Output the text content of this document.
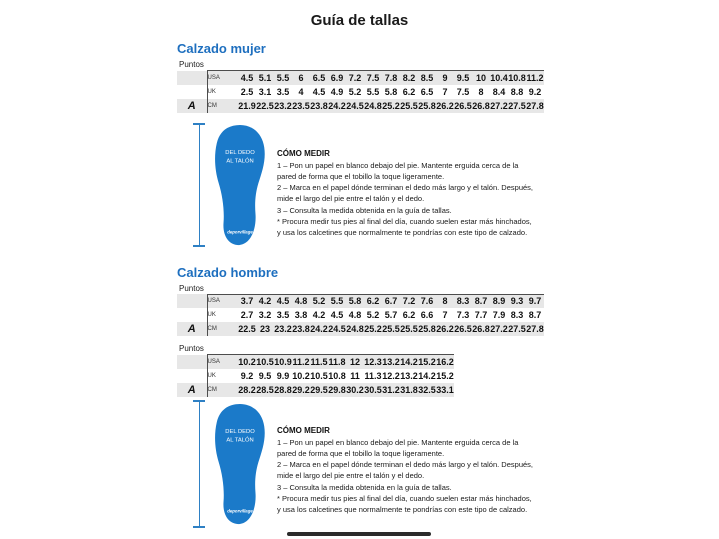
Guía de tallas
Calzado mujer
Puntos
	USA	4.5	5.1	5.5	6	6.5	6.9	7.2	7.5	7.8	8.2	8.5	9	9.5	10	10.4	10.8	11.2
	UK	2.5	3.1	3.5	4	4.5	4.9	5.2	5.5	5.8	6.2	6.5	7	7.5	8	8.4	8.8	9.2
A	CM	21.9	22.5	23.2	23.5	23.8	24.2	24.5	24.8	25.2	25.5	25.8	26.2	26.5	26.8	27.2	27.5	27.8
DEL DEDO
AL TALÓN
deporvillage
CÓMO MEDIR
1 – Pon un papel en blanco debajo del pie. Mantente erguida cerca de la pared de forma que el tobillo la toque ligeramente.
2 – Marca en el papel dónde terminan el dedo más largo y el talón. Después, mide el largo del pie entre el talón y el dedo.
3 – Consulta la medida obtenida en la guía de tallas.
* Procura medir tus pies al final del día, cuando suelen estar más hinchados, y usa los calcetines que normalmente te pondrías con este tipo de calzado.
Calzado hombre
Puntos
	USA	3.7	4.2	4.5	4.8	5.2	5.5	5.8	6.2	6.7	7.2	7.6	8	8.3	8.7	8.9	9.3	9.7
	UK	2.7	3.2	3.5	3.8	4.2	4.5	4.8	5.2	5.7	6.2	6.6	7	7.3	7.7	7.9	8.3	8.7
A	CM	22.5	23	23.2	23.8	24.2	24.5	24.8	25.2	25.5	25.5	25.8	26.2	26.5	26.8	27.2	27.5	27.8
Puntos
	USA	10.2	10.5	10.9	11.2	11.5	11.8	12	12.3	13.2	14.2	15.2	16.2
	UK	9.2	9.5	9.9	10.2	10.5	10.8	11	11.3	12.2	13.2	14.2	15.2
A	CM	28.2	28.5	28.8	29.2	29.5	29.8	30.2	30.5	31.2	31.8	32.5	33.1
DEL DEDO
AL TALÓN
deporvillage
CÓMO MEDIR
1 – Pon un papel en blanco debajo del pie. Mantente erguida cerca de la pared de forma que el tobillo la toque ligeramente.
2 – Marca en el papel dónde terminan el dedo más largo y el talón. Después, mide el largo del pie entre el talón y el dedo.
3 – Consulta la medida obtenida en la guía de tallas.
* Procura medir tus pies al final del día, cuando suelen estar más hinchados, y usa los calcetines que normalmente te pondrías con este tipo de calzado.
